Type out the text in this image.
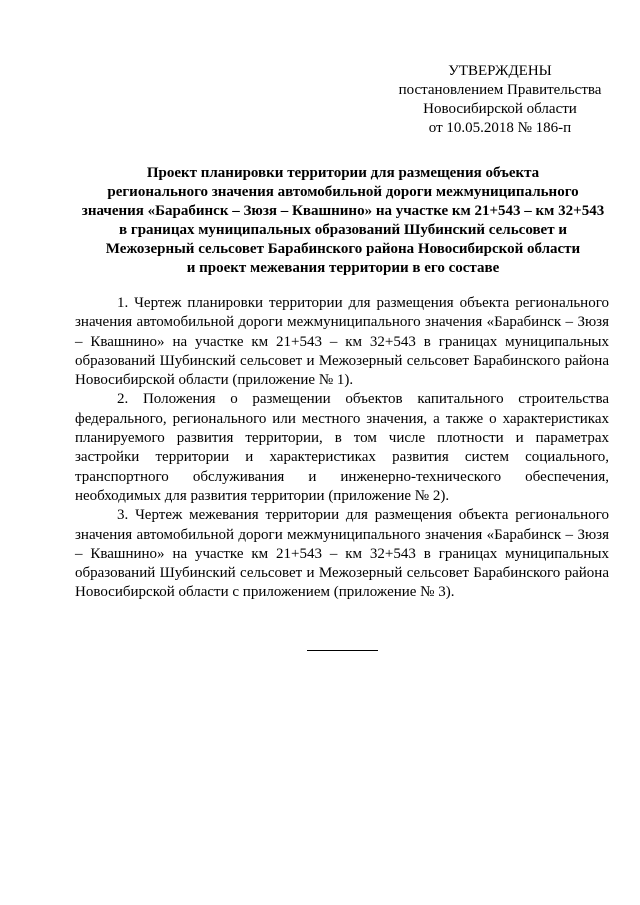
УТВЕРЖДЕНЫ
постановлением Правительства
Новосибирской области
от 10.05.2018 № 186-п
Проект планировки территории для размещения объекта
регионального значения автомобильной дороги межмуниципального
значения «Барабинск – Зюзя – Квашнино» на участке км 21+543 – км 32+543
в границах муниципальных образований Шубинский сельсовет и
Межозерный сельсовет Барабинского района Новосибирской области
и проект межевания территории в его составе

1. Чертеж планировки территории для размещения объекта регионального значения автомобильной дороги межмуниципального значения «Барабинск – Зюзя – Квашнино» на участке км 21+543 – км 32+543 в границах муниципальных образований Шубинский сельсовет и Межозерный сельсовет Барабинского района Новосибирской области (приложение № 1).

2. Положения о размещении объектов капитального строительства федерального, регионального или местного значения, а также о характеристиках планируемого развития территории, в том числе плотности и параметрах застройки территории и характеристиках развития систем социального, транспортного обслуживания и инженерно-технического обеспечения, необходимых для развития территории (приложение № 2).

3. Чертеж межевания территории для размещения объекта регионального значения автомобильной дороги межмуниципального значения «Барабинск – Зюзя – Квашнино» на участке км 21+543 – км 32+543 в границах муниципальных образований Шубинский сельсовет и Межозерный сельсовет Барабинского района Новосибирской области с приложением (приложение № 3).
